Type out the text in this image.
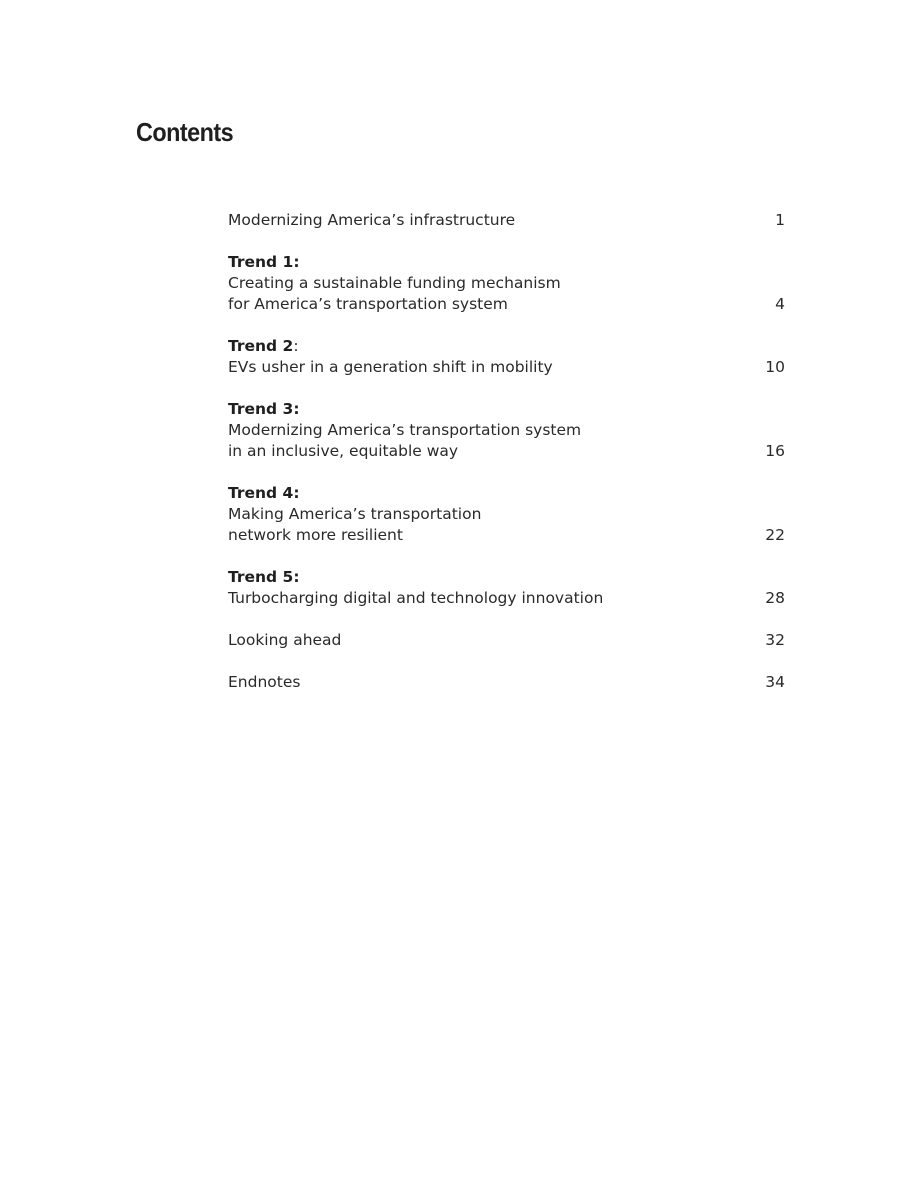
Contents
Modernizing America’s infrastructure	1
Trend 1:
Creating a sustainable funding mechanism
for America’s transportation system	4
Trend 2:
EVs usher in a generation shift in mobility	10
Trend 3:
Modernizing America’s transportation system
in an inclusive, equitable way	16
Trend 4:
Making America’s transportation
network more resilient	22
Trend 5:
Turbocharging digital and technology innovation	28
Looking ahead	32
Endnotes	34
